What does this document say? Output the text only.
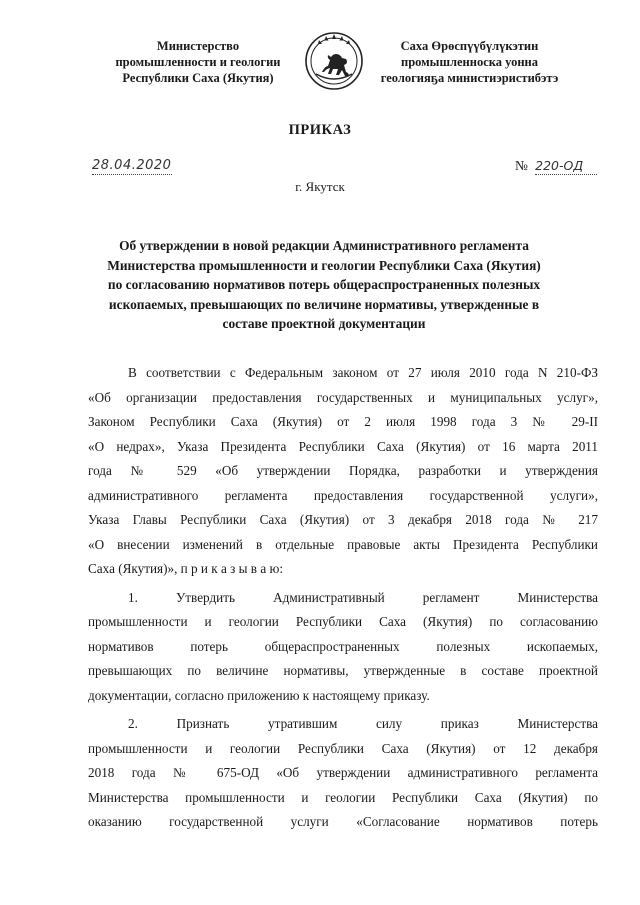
Министерство
промышленности и геологии
Республики Саха (Якутия)
Саха Өрөспүүбүлүкэтин
промышленноска уонна
геологияҕа министиэристибэтэ
ПРИКАЗ
28.04.2020	№ 220-ОД
г. Якутск
Об утверждении в новой редакции Административного регламента
Министерства промышленности и геологии Республики Саха (Якутия)
по согласованию нормативов потерь общераспространенных полезных
ископаемых, превышающих по величине нормативы, утвержденные в
составе проектной документации
В соответствии с Федеральным законом от 27 июля 2010 года N 210-ФЗ
«Об организации предоставления государственных и муниципальных услуг»,
Законом Республики Саха (Якутия) от 2 июля 1998 года 3 № 29-II
«О недрах», Указа Президента Республики Саха (Якутия) от 16 марта 2011
года № 529 «Об утверждении Порядка, разработки и утверждения
административного регламента предоставления государственной услуги»,
Указа Главы Республики Саха (Якутия) от 3 декабря 2018 года № 217
«О внесении изменений в отдельные правовые акты Президента Республики
Саха (Якутия)», п р и к а з ы в а ю:
1. Утвердить Административный регламент Министерства
промышленности и геологии Республики Саха (Якутия) по согласованию
нормативов потерь общераспространенных полезных ископаемых,
превышающих по величине нормативы, утвержденные в составе проектной
документации, согласно приложению к настоящему приказу.
2. Признать утратившим силу приказ Министерства
промышленности и геологии Республики Саха (Якутия) от 12 декабря
2018 года № 675-ОД «Об утверждении административного регламента
Министерства промышленности и геологии Республики Саха (Якутия) по
оказанию государственной услуги «Согласование нормативов потерь
